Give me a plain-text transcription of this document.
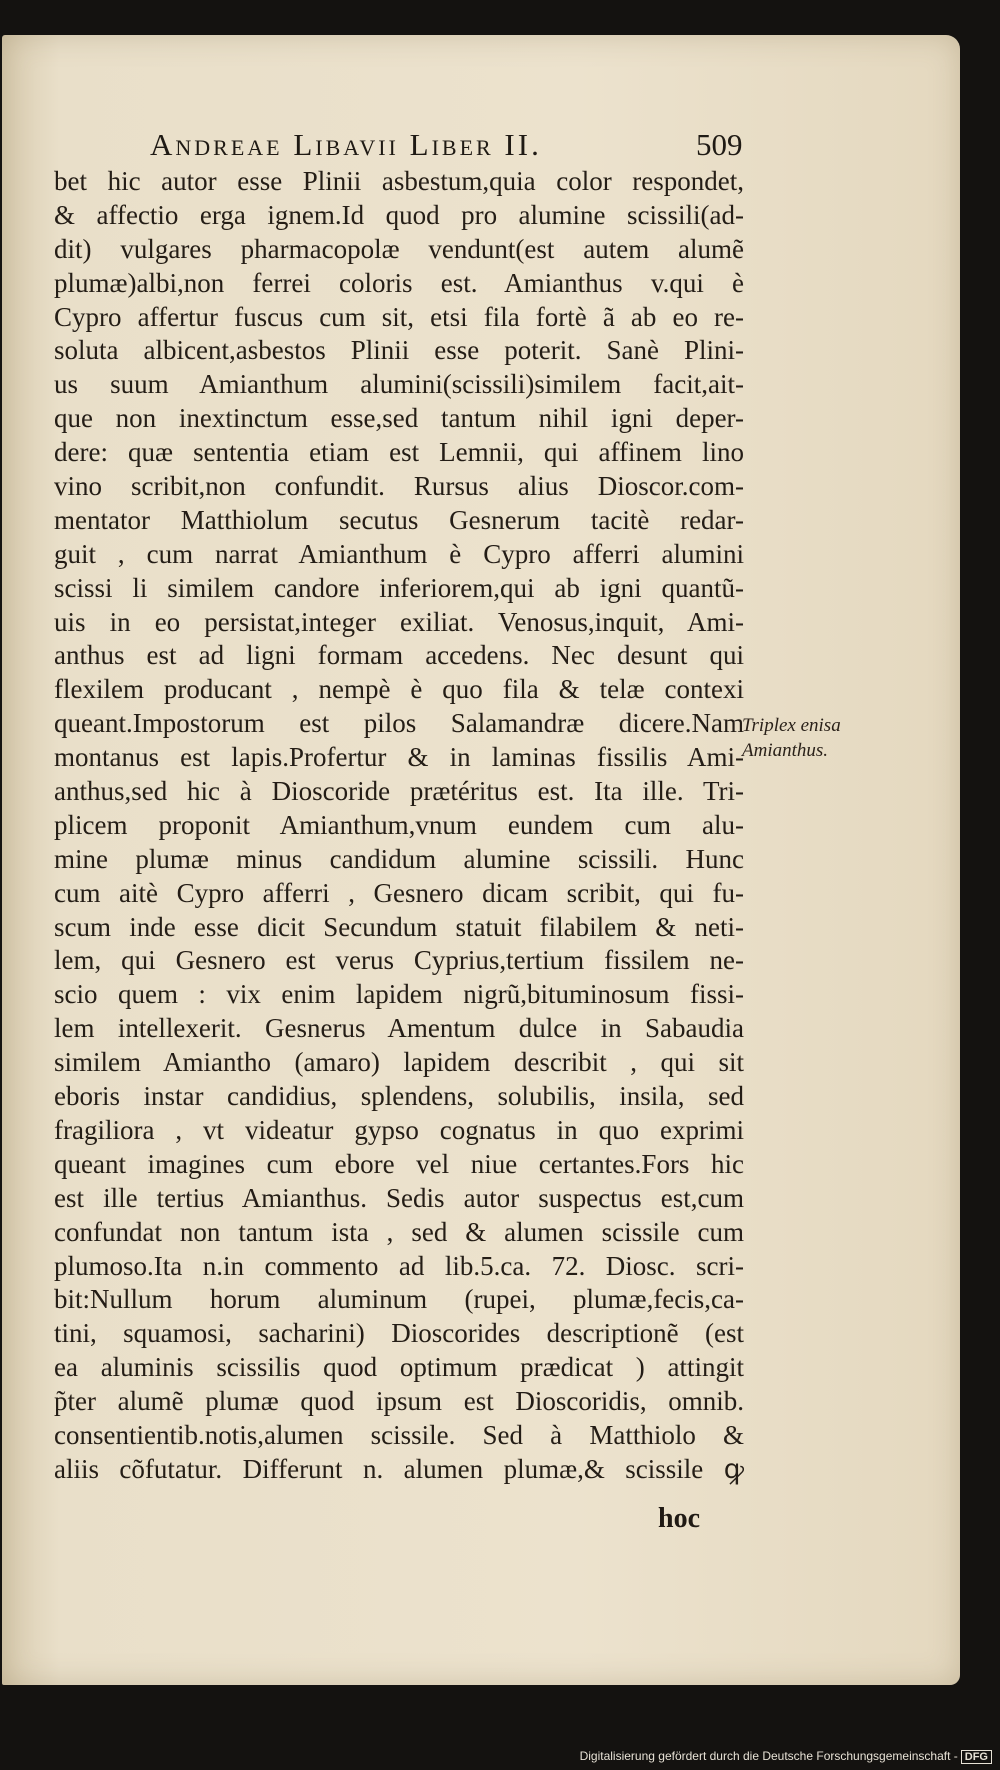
Andreae Libavii Liber II.	509
bet hic autor esse Plinii asbestum,quia color respondet,
& affectio erga ignem.Id quod pro alumine scissili(ad-
dit) vulgares pharmacopolæ vendunt(est autem alumẽ
plumæ)albi,non ferrei coloris est. Amianthus v.qui è
Cypro affertur fuscus cum sit, etsi fila fortè ã ab eo re-
soluta albicent,asbestos Plinii esse poterit. Sanè Plini-
us suum Amianthum alumini(scissili)similem facit,ait-
que non inextinctum esse,sed tantum nihil igni deper-
dere: quæ sententia etiam est Lemnii, qui affinem lino
vino scribit,non confundit. Rursus alius Dioscor.com-
mentator Matthiolum secutus Gesnerum tacitè redar-
guit , cum narrat Amianthum è Cypro afferri alumini
scissi li similem candore inferiorem,qui ab igni quantũ-
uis in eo persistat,integer exiliat. Venosus,inquit, Ami-
anthus est ad ligni formam accedens. Nec desunt qui
flexilem producant , nempè è quo fila & telæ contexi
queant.Impostorum est pilos Salamandræ dicere.Nam
montanus est lapis.Profertur & in laminas fissilis Ami-
anthus,sed hic à Dioscoride prætéritus est. Ita ille. Tri-
plicem proponit Amianthum,vnum eundem cum alu-
mine plumæ minus candidum alumine scissili. Hunc
cum aitè Cypro afferri , Gesnero dicam scribit, qui fu-
scum inde esse dicit Secundum statuit filabilem & neti-
lem, qui Gesnero est verus Cyprius,tertium fissilem ne-
scio quem : vix enim lapidem nigrũ,bituminosum fissi-
lem intellexerit. Gesnerus Amentum dulce in Sabaudia
similem Amiantho (amaro) lapidem describit , qui sit
eboris instar candidius, splendens, solubilis, insila, sed
fragiliora , vt videatur gypso cognatus in quo exprimi
queant imagines cum ebore vel niue certantes.Fors hic
est ille tertius Amianthus. Sedis autor suspectus est,cum
confundat non tantum ista , sed & alumen scissile cum
plumoso.Ita n.in commento ad lib.5.ca. 72. Diosc. scri-
bit:Nullum horum aluminum (rupei, plumæ,fecis,ca-
tini, squamosi, sacharini) Dioscorides descriptionẽ (est
ea aluminis scissilis quod optimum prædicat ) attingit
p̃ter alumẽ plumæ quod ipsum est Dioscoridis, omnib.
consentientib.notis,alumen scissile. Sed à Matthiolo &
aliis cõfutatur. Differunt n. alumen plumæ,& scissile ꝙ
hoc
Triplex enisa Amianthus.
Digitalisierung gefördert durch die Deutsche Forschungsgemeinschaft - DFG
